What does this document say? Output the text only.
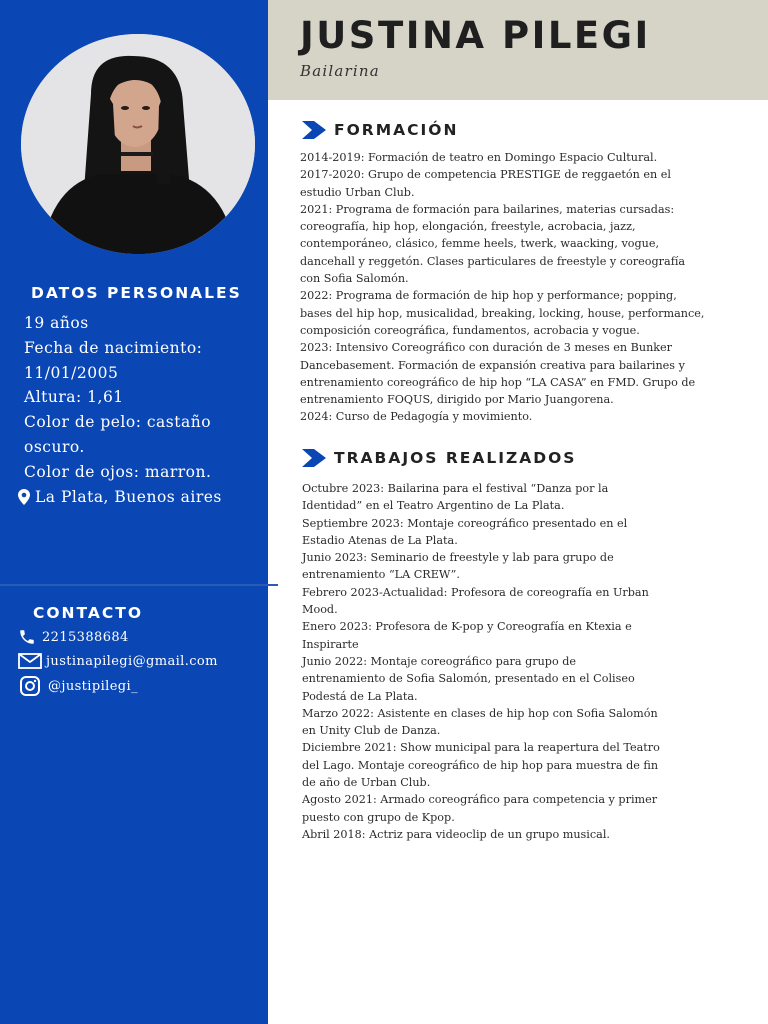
DATOS PERSONALES
19 años
Fecha de nacimiento:
11/01/2005
Altura: 1,61
Color de pelo: castaño
oscuro.
Color de ojos: marron.
La Plata, Buenos aires
CONTACTO
2215388684
justinapilegi@gmail.com
@justipilegi_
JUSTINA PILEGI
Bailarina
FORMACIÓN
2014-2019: Formación de teatro en Domingo Espacio Cultural.
2017-2020: Grupo de competencia PRESTIGE de reggaetón en el
estudio Urban Club.
2021: Programa de formación para bailarines, materias cursadas:
coreografía, hip hop, elongación, freestyle, acrobacia, jazz,
contemporáneo, clásico, femme heels, twerk, waacking, vogue,
dancehall y reggetón. Clases particulares de freestyle y coreografía
con Sofia Salomón.
2022: Programa de formación de hip hop y performance; popping,
bases del hip hop, musicalidad, breaking, locking, house, performance,
composición coreográfica, fundamentos, acrobacia y vogue.
2023: Intensivo Coreográfico con duración de 3 meses en Bunker
Dancebasement. Formación de expansión creativa para bailarines y
entrenamiento coreográfico de hip hop “LA CASA” en FMD. Grupo de
entrenamiento FOQUS, dirigido por Mario Juangorena.
2024: Curso de Pedagogía y movimiento.
TRABAJOS REALIZADOS
Octubre 2023: Bailarina para el festival “Danza por la
Identidad” en el Teatro Argentino de La Plata.
Septiembre 2023: Montaje coreográfico presentado en el
Estadio Atenas de La Plata.
Junio 2023: Seminario de freestyle y lab para grupo de
entrenamiento “LA CREW”.
Febrero 2023-Actualidad: Profesora de coreografía en Urban
Mood.
Enero 2023: Profesora de K-pop y Coreografía en Ktexia e
Inspirarte
Junio 2022: Montaje coreográfico para grupo de
entrenamiento de Sofia Salomón, presentado en el Coliseo
Podestá de La Plata.
Marzo 2022: Asistente en clases de hip hop con Sofia Salomón
en Unity Club de Danza.
Diciembre 2021: Show municipal para la reapertura del Teatro
del Lago. Montaje coreográfico de hip hop para muestra de fin
de año de Urban Club.
Agosto 2021: Armado coreográfico para competencia y primer
puesto con grupo de Kpop.
Abril 2018: Actriz para videoclip de un grupo musical.
